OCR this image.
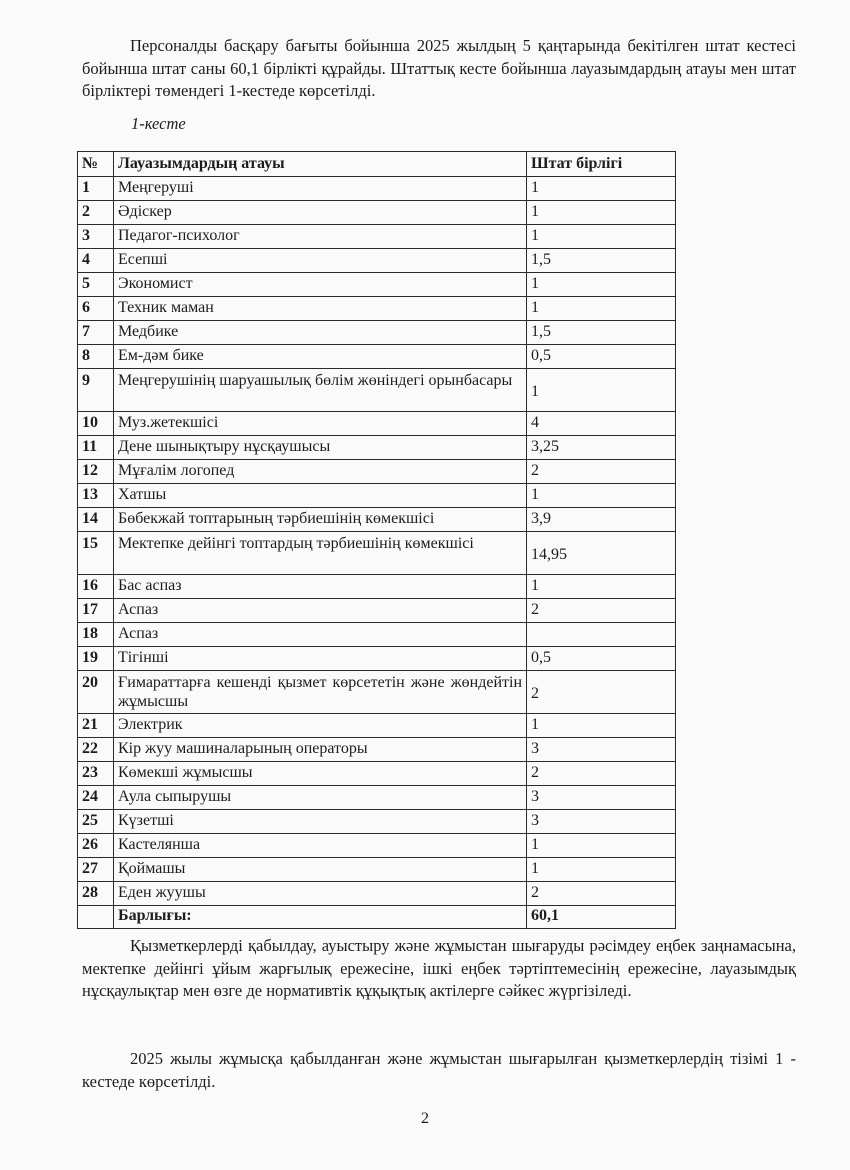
Персоналды басқару бағыты бойынша 2025 жылдың 5 қаңтарында бекітілген штат кестесі бойынша штат саны 60,1 бірлікті құрайды. Штаттық кесте бойынша лауазымдардың атауы мен штат бірліктері төмендегі 1-кестеде көрсетілді.

1-кесте

№	Лауазымдардың атауы	Штат бірлігі
1	Меңгеруші	1
2	Әдіскер	1
3	Педагог-психолог	1
4	Есепші	1,5
5	Экономист	1
6	Техник маман	1
7	Медбике	1,5
8	Ем-дәм бике	0,5
9	Меңгерушінің шаруашылық бөлім жөніндегі орынбасары	1
10	Муз.жетекшісі	4
11	Дене шынықтыру нұсқаушысы	3,25
12	Мұғалім логопед	2
13	Хатшы	1
14	Бөбекжай топтарының тәрбиешінің көмекшісі	3,9
15	Мектепке дейінгі топтардың тәрбиешінің көмекшісі	14,95
16	Бас аспаз	1
17	Аспаз	2
18	Аспаз	
19	Тігінші	0,5
20	Ғимараттарға кешенді қызмет көрсететін және жөндейтін жұмысшы	2
21	Электрик	1
22	Кір жуу машиналарының операторы	3
23	Көмекші жұмысшы	2
24	Аула сыпырушы	3
25	Күзетші	3
26	Кастелянша	1
27	Қоймашы	1
28	Еден жуушы	2
	Барлығы:	60,1

Қызметкерлерді қабылдау, ауыстыру және жұмыстан шығаруды рәсімдеу еңбек заңнамасына, мектепке дейінгі ұйым жарғылық ережесіне, ішкі еңбек тәртіптемесінің ережесіне, лауазымдық нұсқаулықтар мен өзге де нормативтік құқықтық актілерге сәйкес жүргізіледі.

2025 жылы жұмысқа қабылданған және жұмыстан шығарылған қызметкерлердің тізімі 1 - кестеде көрсетілді.

2
